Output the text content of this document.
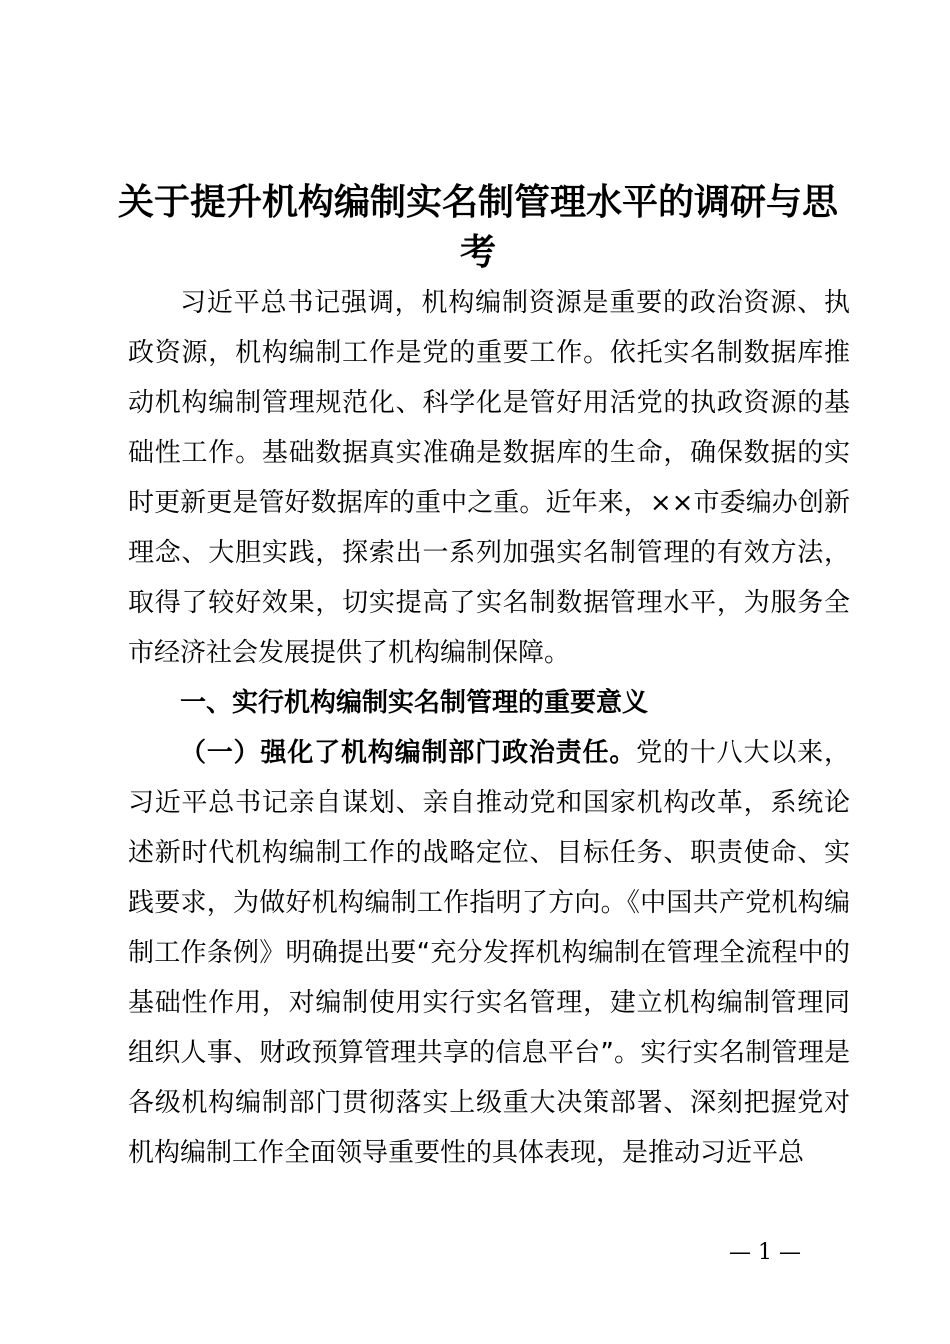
关于提升机构编制实名制管理水平的调研与思考

习近平总书记强调，机构编制资源是重要的政治资源、执政资源，机构编制工作是党的重要工作。依托实名制数据库推动机构编制管理规范化、科学化是管好用活党的执政资源的基础性工作。基础数据真实准确是数据库的生命，确保数据的实时更新更是管好数据库的重中之重。近年来，××市委编办创新理念、大胆实践，探索出一系列加强实名制管理的有效方法，取得了较好效果，切实提高了实名制数据管理水平，为服务全市经济社会发展提供了机构编制保障。

一、实行机构编制实名制管理的重要意义

（一）强化了机构编制部门政治责任。党的十八大以来，习近平总书记亲自谋划、亲自推动党和国家机构改革，系统论述新时代机构编制工作的战略定位、目标任务、职责使命、实践要求，为做好机构编制工作指明了方向。《中国共产党机构编制工作条例》明确提出要“充分发挥机构编制在管理全流程中的基础性作用，对编制使用实行实名管理，建立机构编制管理同组织人事、财政预算管理共享的信息平台”。实行实名制管理是各级机构编制部门贯彻落实上级重大决策部署、深刻把握党对机构编制工作全面领导重要性的具体表现，是推动习近平总

— 1 —
